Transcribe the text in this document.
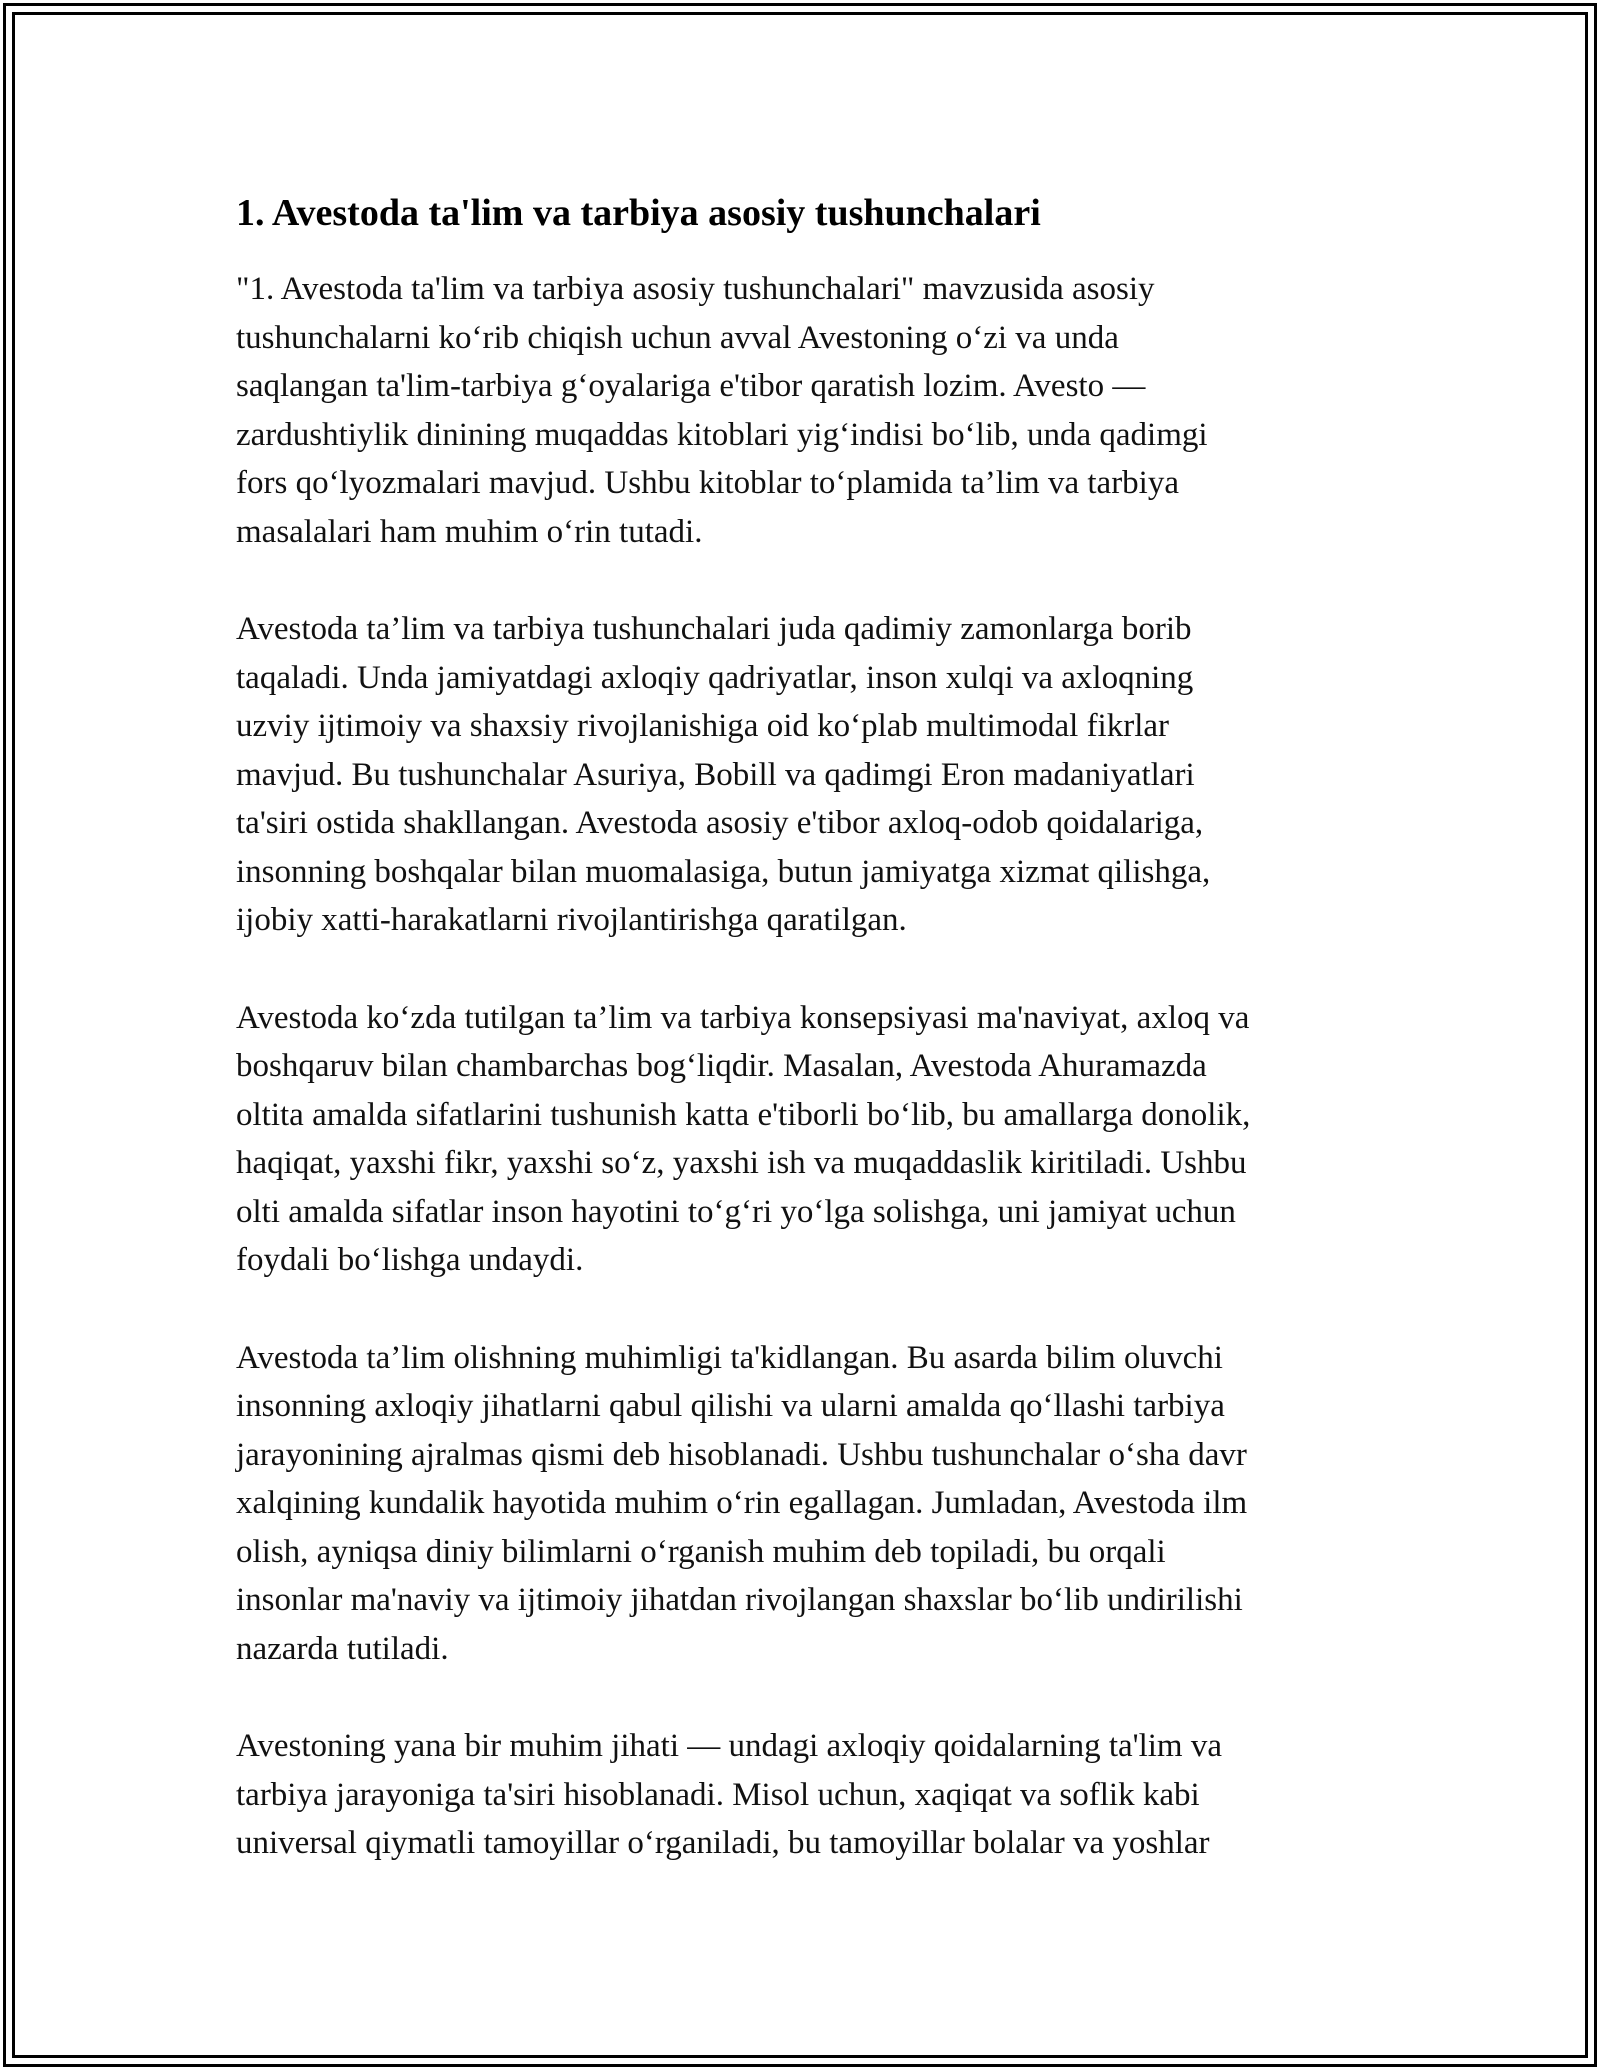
1. Avestoda ta'lim va tarbiya asosiy tushunchalari

"1. Avestoda ta'lim va tarbiya asosiy tushunchalari" mavzusida asosiy
tushunchalarni koʻrib chiqish uchun avval Avestoning oʻzi va unda
saqlangan ta'lim-tarbiya gʻoyalariga e'tibor qaratish lozim. Avesto —
zardushtiylik dinining muqaddas kitoblari yigʻindisi boʻlib, unda qadimgi
fors qoʻlyozmalari mavjud. Ushbu kitoblar toʻplamida ta’lim va tarbiya
masalalari ham muhim oʻrin tutadi.

Avestoda ta’lim va tarbiya tushunchalari juda qadimiy zamonlarga borib
taqaladi. Unda jamiyatdagi axloqiy qadriyatlar, inson xulqi va axloqning
uzviy ijtimoiy va shaxsiy rivojlanishiga oid koʻplab multimodal fikrlar
mavjud. Bu tushunchalar Asuriya, Bobill va qadimgi Eron madaniyatlari
ta'siri ostida shakllangan. Avestoda asosiy e'tibor axloq-odob qoidalariga,
insonning boshqalar bilan muomalasiga, butun jamiyatga xizmat qilishga,
ijobiy xatti-harakatlarni rivojlantirishga qaratilgan.

Avestoda koʻzda tutilgan ta’lim va tarbiya konsepsiyasi ma'naviyat, axloq va
boshqaruv bilan chambarchas bogʻliqdir. Masalan, Avestoda Ahuramazda
oltita amalda sifatlarini tushunish katta e'tiborli boʻlib, bu amallarga donolik,
haqiqat, yaxshi fikr, yaxshi soʻz, yaxshi ish va muqaddaslik kiritiladi. Ushbu
olti amalda sifatlar inson hayotini toʻgʻri yoʻlga solishga, uni jamiyat uchun
foydali boʻlishga undaydi.

Avestoda ta’lim olishning muhimligi ta'kidlangan. Bu asarda bilim oluvchi
insonning axloqiy jihatlarni qabul qilishi va ularni amalda qoʻllashi tarbiya
jarayonining ajralmas qismi deb hisoblanadi. Ushbu tushunchalar oʻsha davr
xalqining kundalik hayotida muhim oʻrin egallagan. Jumladan, Avestoda ilm
olish, ayniqsa diniy bilimlarni oʻrganish muhim deb topiladi, bu orqali
insonlar ma'naviy va ijtimoiy jihatdan rivojlangan shaxslar boʻlib undirilishi
nazarda tutiladi.

Avestoning yana bir muhim jihati — undagi axloqiy qoidalarning ta'lim va
tarbiya jarayoniga ta'siri hisoblanadi. Misol uchun, xaqiqat va soflik kabi
universal qiymatli tamoyillar oʻrganiladi, bu tamoyillar bolalar va yoshlar
